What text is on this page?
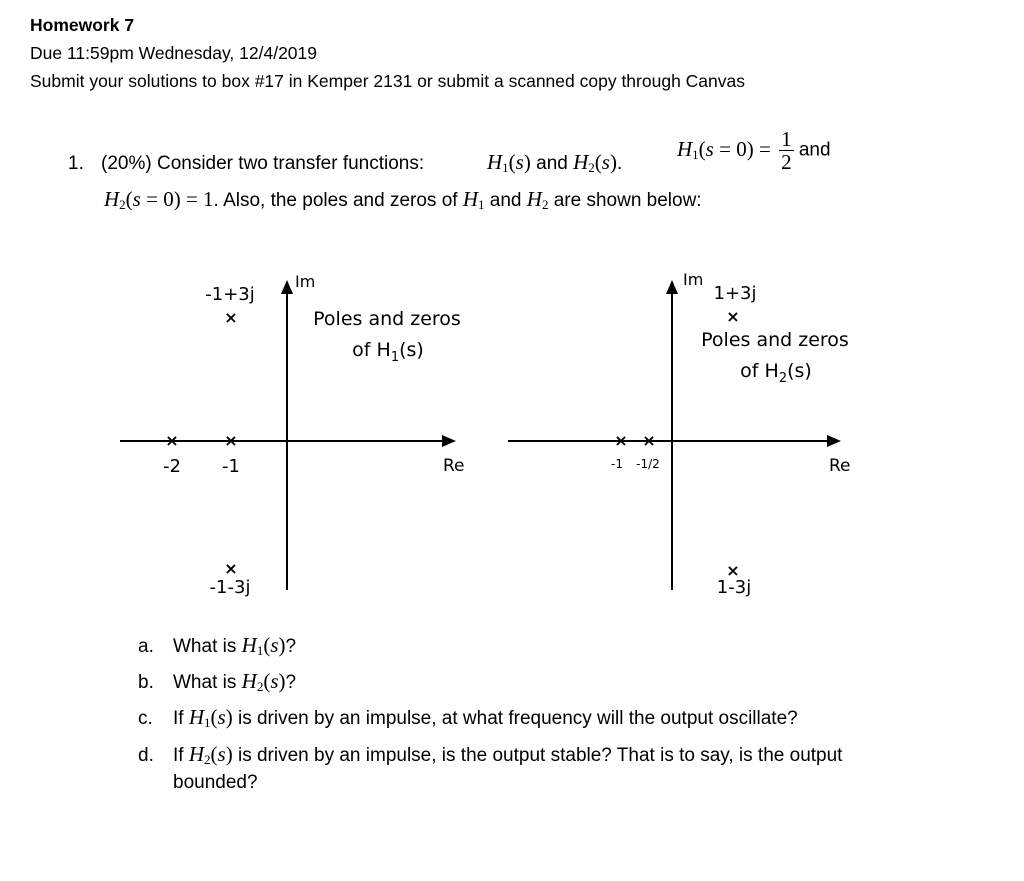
Homework 7
Due 11:59pm Wednesday, 12/4/2019
Submit your solutions to box #17 in Kemper 2131 or submit a scanned copy through Canvas
1. (20%) Consider two transfer functions:	$H_1(s)$ and $H_2(s)$.
$H_1(s = 0) = \frac{1}{2}$ and
$H_2(s = 0) = 1$. Also, the poles and zeros of $H_1$ and $H_2$ are shown below:
Im
Re
Poles and zeros
of $H_1(s)$
×
×
×	×
-1+3j
-1-3j
-2 -1
Im
Re
Poles and zeros
of $H_2(s)$
×
×
× ×
1+3j
1-3j
-1 -1/2
a. What is $H_1(s)$?
b. What is $H_2(s)$?
c. If $H_1(s)$ is driven by an impulse, at what frequency will the output oscillate?
d. If $H_2(s)$ is driven by an impulse, is the output stable? That is to say, is the output
bounded?
